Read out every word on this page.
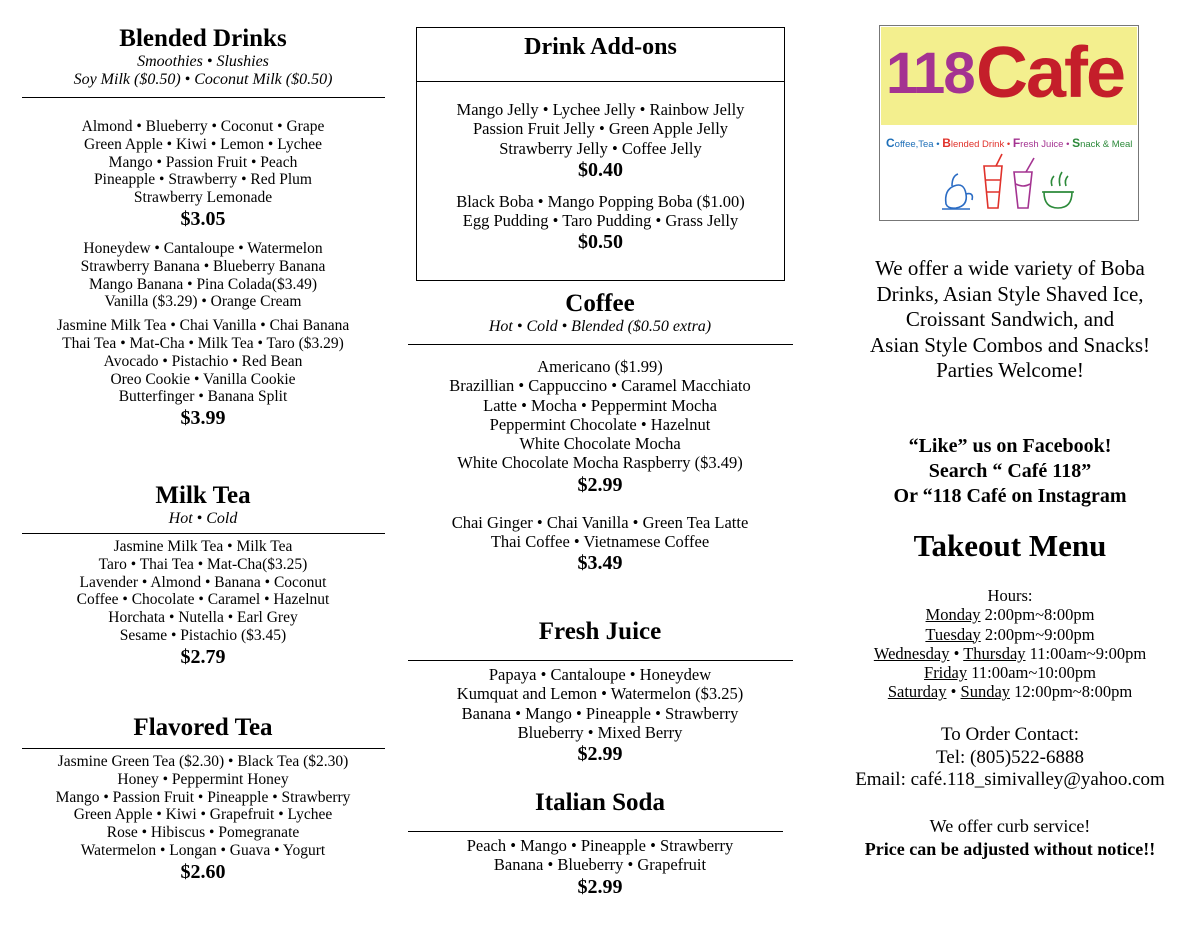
Blended Drinks
Smoothies • Slushies
Soy Milk ($0.50) • Coconut Milk ($0.50)
Almond • Blueberry • Coconut • Grape
Green Apple • Kiwi • Lemon • Lychee
Mango • Passion Fruit • Peach
Pineapple • Strawberry • Red Plum
Strawberry Lemonade
$3.05
Honeydew • Cantaloupe • Watermelon
Strawberry Banana • Blueberry Banana
Mango Banana • Pina Colada($3.49)
Vanilla ($3.29) • Orange Cream
Jasmine Milk Tea • Chai Vanilla • Chai Banana
Thai Tea • Mat-Cha • Milk Tea • Taro ($3.29)
Avocado • Pistachio • Red Bean
Oreo Cookie • Vanilla Cookie
Butterfinger • Banana Split
$3.99
Milk Tea
Hot • Cold
Jasmine Milk Tea • Milk Tea
Taro • Thai Tea • Mat-Cha($3.25)
Lavender • Almond • Banana • Coconut
Coffee • Chocolate • Caramel • Hazelnut
Horchata • Nutella • Earl Grey
Sesame • Pistachio ($3.45)
$2.79
Flavored Tea
Jasmine Green Tea ($2.30) • Black Tea ($2.30)
Honey • Peppermint Honey
Mango • Passion Fruit • Pineapple • Strawberry
Green Apple • Kiwi • Grapefruit • Lychee
Rose • Hibiscus • Pomegranate
Watermelon • Longan • Guava • Yogurt
$2.60
Drink Add-ons
Mango Jelly • Lychee Jelly • Rainbow Jelly
Passion Fruit Jelly • Green Apple Jelly
Strawberry Jelly • Coffee Jelly
$0.40
Black Boba • Mango Popping Boba ($1.00)
Egg Pudding • Taro Pudding • Grass Jelly
$0.50
Coffee
Hot • Cold • Blended ($0.50 extra)
Americano ($1.99)
Brazillian • Cappuccino • Caramel Macchiato
Latte • Mocha • Peppermint Mocha
Peppermint Chocolate • Hazelnut
White Chocolate Mocha
White Chocolate Mocha Raspberry ($3.49)
$2.99
Chai Ginger • Chai Vanilla • Green Tea Latte
Thai Coffee • Vietnamese Coffee
$3.49
Fresh Juice
Papaya • Cantaloupe • Honeydew
Kumquat and Lemon • Watermelon ($3.25)
Banana • Mango • Pineapple • Strawberry
Blueberry • Mixed Berry
$2.99
Italian Soda
Peach • Mango • Pineapple • Strawberry
Banana • Blueberry • Grapefruit
$2.99
118 Cafe
Coffee,Tea • Blended Drink • Fresh Juice • Snack & Meal
We offer a wide variety of Boba
Drinks, Asian Style Shaved Ice,
Croissant Sandwich, and
Asian Style Combos and Snacks!
Parties Welcome!
“Like” us on Facebook!
Search “ Café 118”
Or “118 Café on Instagram
Takeout Menu
Hours:
Monday 2:00pm~8:00pm
Tuesday 2:00pm~9:00pm
Wednesday • Thursday 11:00am~9:00pm
Friday 11:00am~10:00pm
Saturday • Sunday 12:00pm~8:00pm
To Order Contact:
Tel: (805)522-6888
Email: café.118_simivalley@yahoo.com
We offer curb service!
Price can be adjusted without notice!!
